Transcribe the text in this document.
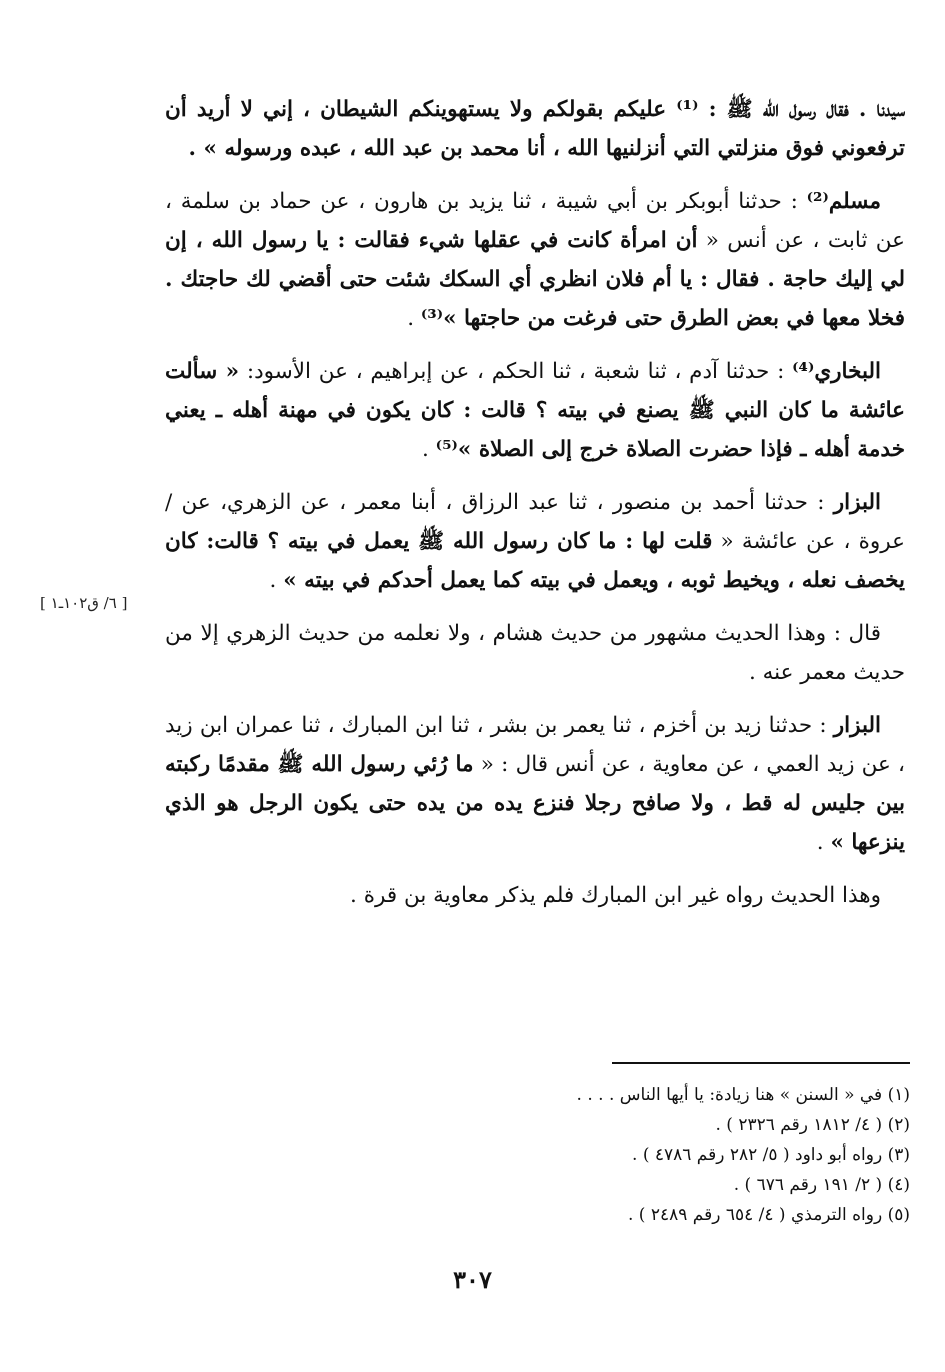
سيدنا . فقال رسول الله ﷺ : ⁽¹⁾ عليكم بقولكم ولا يستهوينكم الشيطان ، إني لا أريد أن ترفعوني فوق منزلتي التي أنزلنيها الله ، أنا محمد بن عبد الله ، عبده ورسوله » .

مسلم⁽²⁾ : حدثنا أبوبكر بن أبي شيبة ، ثنا يزيد بن هارون ، عن حماد بن سلمة ، عن ثابت ، عن أنس « أن امرأة كانت في عقلها شيء فقالت : يا رسول الله ، إن لي إليك حاجة . فقال : يا أم فلان انظري أي السكك شئت حتى أقضي لك حاجتك . فخلا معها في بعض الطرق حتى فرغت من حاجتها »⁽³⁾ .

البخاري⁽⁴⁾ : حدثنا آدم ، ثنا شعبة ، ثنا الحكم ، عن إبراهيم ، عن الأسود: « سألت عائشة ما كان النبي ﷺ يصنع في بيته ؟ قالت : كان يكون في مهنة أهله ـ يعني خدمة أهله ـ فإذا حضرت الصلاة خرج إلى الصلاة »⁽⁵⁾ .

البزار : حدثنا أحمد بن منصور ، ثنا عبد الرزاق ، أبنا معمر ، عن الزهري، عن / عروة ، عن عائشة « قلت لها : ما كان رسول الله ﷺ يعمل في بيته ؟ قالت: كان يخصف نعله ، ويخيط ثوبه ، ويعمل في بيته كما يعمل أحدكم في بيته » .

قال : وهذا الحديث مشهور من حديث هشام ، ولا نعلمه من حديث الزهري إلا من حديث معمر عنه .

البزار : حدثنا زيد بن أخزم ، ثنا يعمر بن بشر ، ثنا ابن المبارك ، ثنا عمران ابن زيد ، عن زيد العمي ، عن معاوية ، عن أنس قال : « ما رُئي رسول الله ﷺ مقدمًا ركبته بين جليس له قط ، ولا صافح رجلا فنزع يده من يده حتى يكون الرجل هو الذي ينزعها » .

وهذا الحديث رواه غير ابن المبارك فلم يذكر معاوية بن قرة .

[ ٦/ ق١٠٢ـ١ ]

(١) في « السنن » هنا زيادة: يا أيها الناس . . . .

(٢) ( ٤/ ١٨١٢ رقم ٢٣٢٦ ) .

(٣) رواه أبو داود ( ٥/ ٢٨٢ رقم ٤٧٨٦ ) .

(٤) ( ٢/ ١٩١ رقم ٦٧٦ ) .

(٥) رواه الترمذي ( ٤/ ٦٥٤ رقم ٢٤٨٩ ) .

٣٠٧
